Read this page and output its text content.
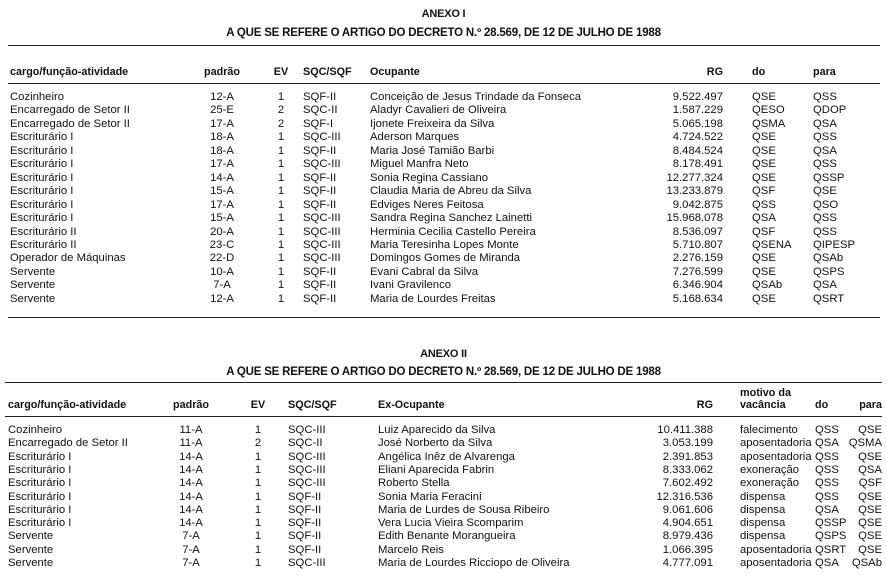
ANEXO I
A QUE SE REFERE O ARTIGO DO DECRETO N.º 28.569, DE 12 DE JULHO DE 1988
cargo/função-atividade	padrão	EV	SQC/SQF	Ocupante	RG	do	para
Cozinheiro	12-A	1	SQF-II	Conceição de Jesus Trindade da Fonseca	9.522.497	QSE	QSS
Encarregado de Setor II	25-E	2	SQC-II	Aladyr Cavalieri de Oliveira	1.587.229	QESO	QDOP
Encarregado de Setor II	17-A	2	SQF-I	Ijonete Freixeira da Silva	5.065.198	QSMA	QSA
Escriturário I	18-A	1	SQC-III	Aderson Marques	4.724.522	QSE	QSS
Escriturário I	18-A	1	SQF-II	Maria José Tamião Barbi	8.484.524	QSE	QSA
Escriturário I	17-A	1	SQC-III	Miguel Manfra Neto	8.178.491	QSE	QSS
Escriturário I	14-A	1	SQF-II	Sonia Regina Cassiano	12.277.324	QSE	QSSP
Escriturário I	15-A	1	SQF-II	Claudia Maria de Abreu da Silva	13.233.879	QSF	QSE
Escriturário I	17-A	1	SQF-II	Edviges Neres Feitosa	9.042.875	QSS	QSO
Escriturário I	15-A	1	SQC-III	Sandra Regina Sanchez Lainetti	15.968.078	QSA	QSS
Escriturário II	20-A	1	SQC-III	Herminia Cecilia Castello Pereira	8.536.097	QSF	QSS
Escriturário II	23-C	1	SQC-III	Maria Teresinha Lopes Monte	5.710.807	QSENA	QIPESP
Operador de Máquinas	22-D	1	SQC-III	Domingos Gomes de Miranda	2.276.159	QSE	QSAb
Servente	10-A	1	SQF-II	Evani Cabral da Silva	7.276.599	QSE	QSPS
Servente	7-A	1	SQF-II	Ivani Gravilenco	6.346.904	QSAb	QSA
Servente	12-A	1	SQF-II	Maria de Lourdes Freitas	5.168.634	QSE	QSRT
ANEXO II
A QUE SE REFERE O ARTIGO DO DECRETO N.º 28.569, DE 12 DE JULHO DE 1988
motivo da
cargo/função-atividade	padrão	EV	SQC/SQF	Ex-Ocupante	RG	vacância	do	para
Cozinheiro	11-A	1	SQC-III	Luiz Aparecido da Silva	10.411.388 falecimento	QSS	QSE
Encarregado de Setor II	11-A	2	SQC-II	José Norberto da Silva	3.053.199 aposentadoria QSA QSMA
Escriturário I	14-A	1	SQC-III	Angélica Inêz de Alvarenga	2.391.853 aposentadoria QSS	QSE
Escriturário I	14-A	1	SQC-III	Eliani Aparecida Fabrin	8.333.062 exoneração	QSS	QSA
Escriturário I	14-A	1	SQC-III	Roberto Stella	7.602.492 exoneração	QSS	QSF
Escriturário I	14-A	1	SQF-II	Sonia Maria Feracini	12.316.536 dispensa	QSS	QSE
Escriturário I	14-A	1	SQF-II	Maria de Lurdes de Sousa Ribeiro	9.061.606 dispensa	QSA	QSE
Escriturário I	14-A	1	SQF-II	Vera Lucia Vieira Scomparim	4.904.651 dispensa	QSSP	QSE
Servente	7-A	1	SQF-II	Edith Benante Morangueira	8.979.436 dispensa	QSPS	QSE
Servente	7-A	1	SQF-II	Marcelo Reis	1.066.395 aposentadoria QSRT	QSE
Servente	7-A	1	SQC-III	Maria de Lourdes Ricciopo de Oliveira	4.777.091 aposentadoria QSA	QSAb
